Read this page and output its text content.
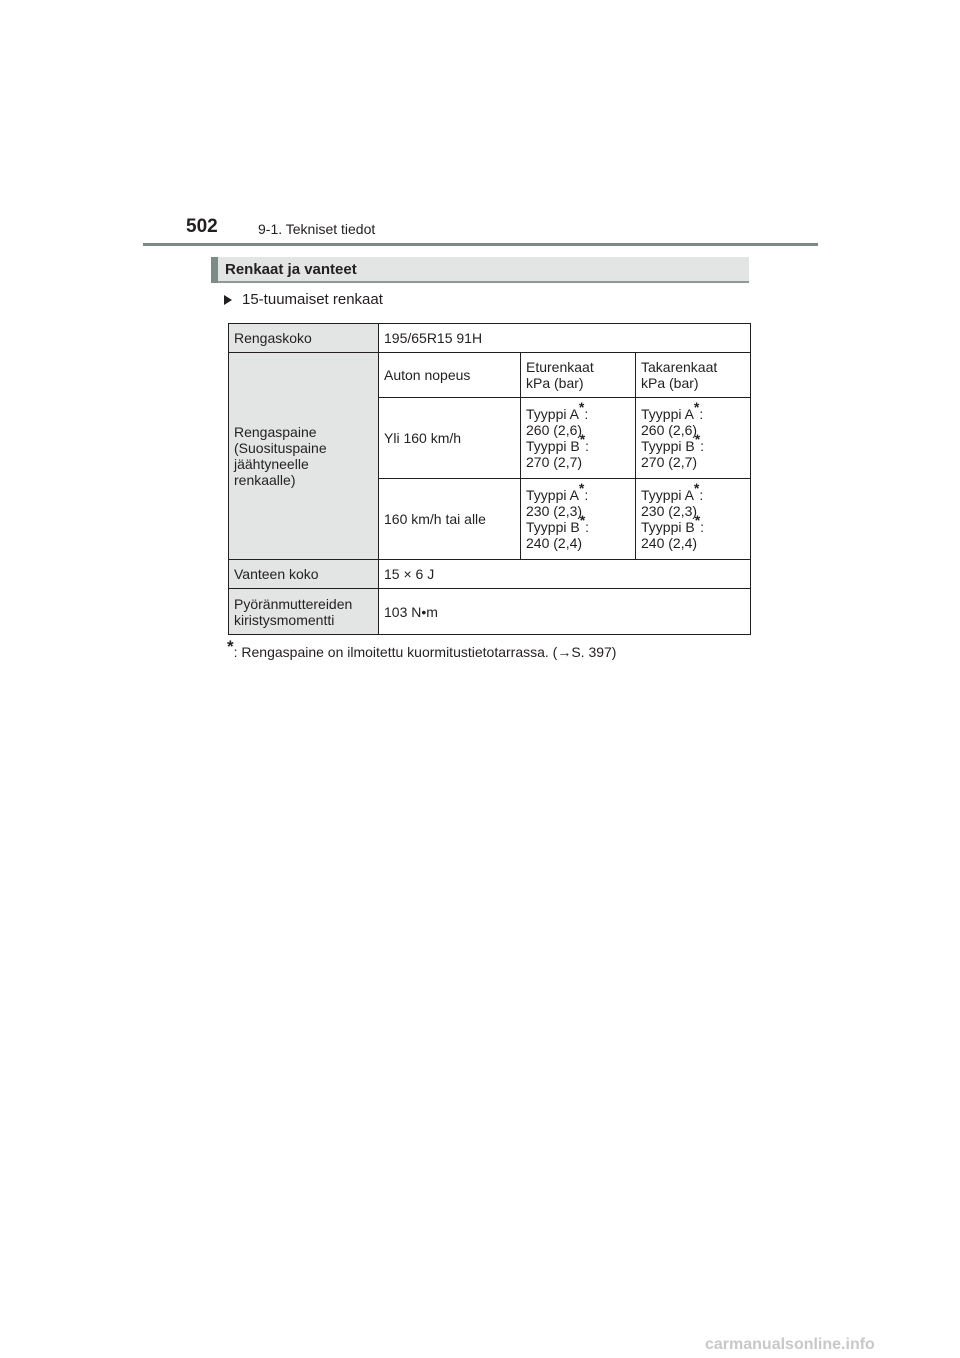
502	9-1. Tekniset tiedot
Renkaat ja vanteet
15-tuumaiset renkaat
Rengaskoko	195/65R15 91H		

Rengaspaine
(Suosituspaine
jäähtyneelle
renkaalle)	Auton nopeus	Eturenkaat
kPa (bar)	Takarenkaat
kPa (bar)

	Yli 160 km/h	Tyyppi A*:
260 (2,6)
Tyyppi B*:
270 (2,7)	Tyyppi A*:
260 (2,6)
Tyyppi B*:
270 (2,7)

	160 km/h tai alle	Tyyppi A*:
230 (2,3)
Tyyppi B*:
240 (2,4)	Tyyppi A*:
230 (2,3)
Tyyppi B*:
240 (2,4)

Vanteen koko	15 × 6 J		

Pyöränmuttereiden
kiristysmomentti	103 N•m		
*: Rengaspaine on ilmoitettu kuormitustietotarrassa. (→S. 397)
carmanualsonline.info
